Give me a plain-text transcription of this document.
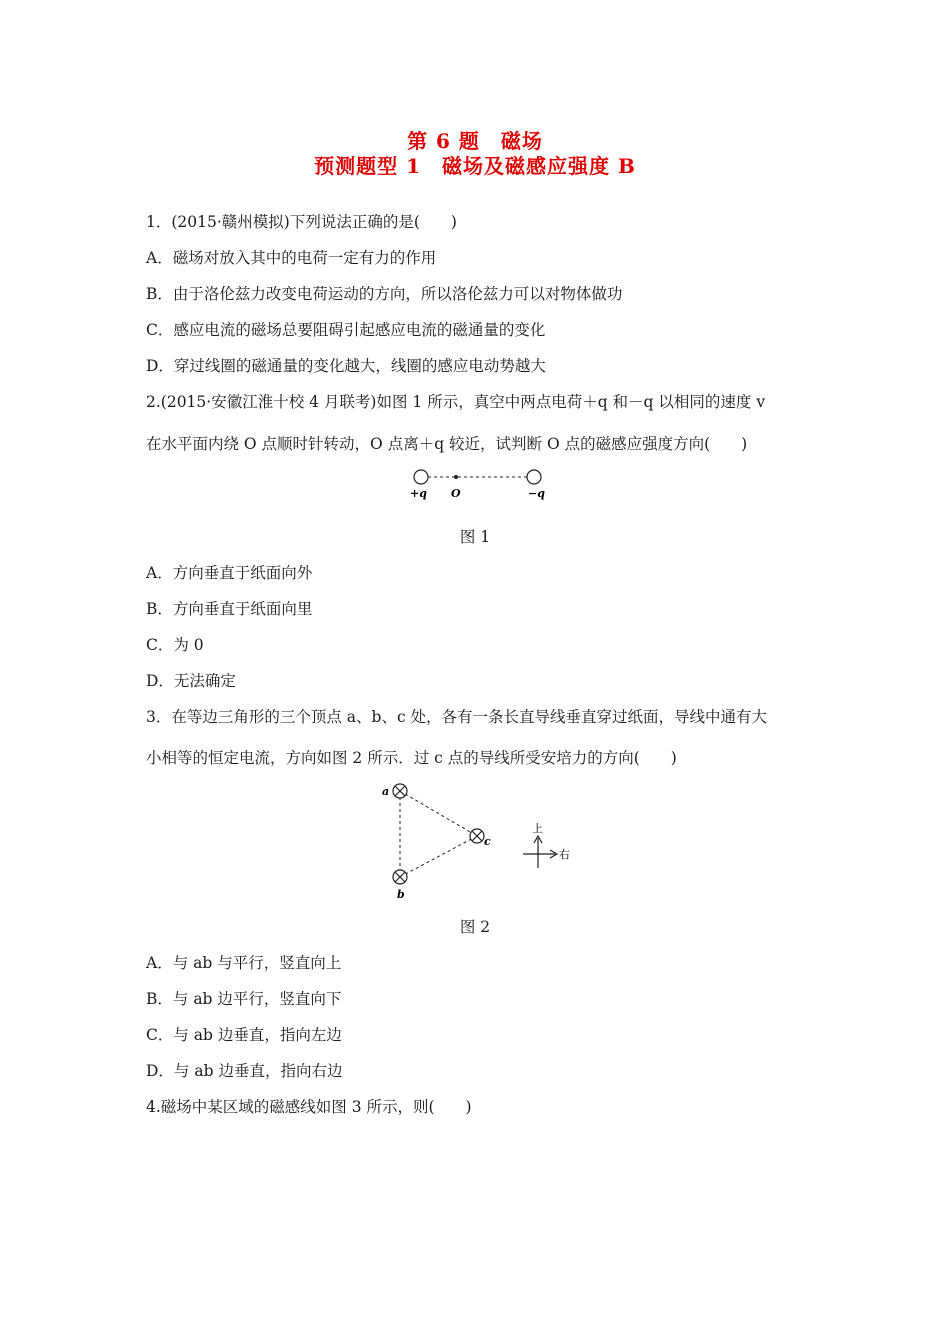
第 6 题　磁场
预测题型 1　磁场及磁感应强度 B
1．(2015·赣州模拟)下列说法正确的是(　　)
A．磁场对放入其中的电荷一定有力的作用
B．由于洛伦兹力改变电荷运动的方向，所以洛伦兹力可以对物体做功
C．感应电流的磁场总要阻碍引起感应电流的磁通量的变化
D．穿过线圈的磁通量的变化越大，线圈的感应电动势越大
2.(2015·安徽江淮十校 4 月联考)如图 1 所示，真空中两点电荷＋q 和－q 以相同的速度 v
在水平面内绕 O 点顺时针转动，O 点离＋q 较近，试判断 O 点的磁感应强度方向(　　)
+q O	−q
图 1
A．方向垂直于纸面向外
B．方向垂直于纸面向里
C．为 0
D．无法确定
3．在等边三角形的三个顶点 a、b、c 处，各有一条长直导线垂直穿过纸面，导线中通有大
小相等的恒定电流，方向如图 2 所示．过 c 点的导线所受安培力的方向(　　)
a
b
c
上
右
图 2
A．与 ab 与平行，竖直向上
B．与 ab 边平行，竖直向下
C．与 ab 边垂直，指向左边
D．与 ab 边垂直，指向右边
4.磁场中某区域的磁感线如图 3 所示，则(　　)
